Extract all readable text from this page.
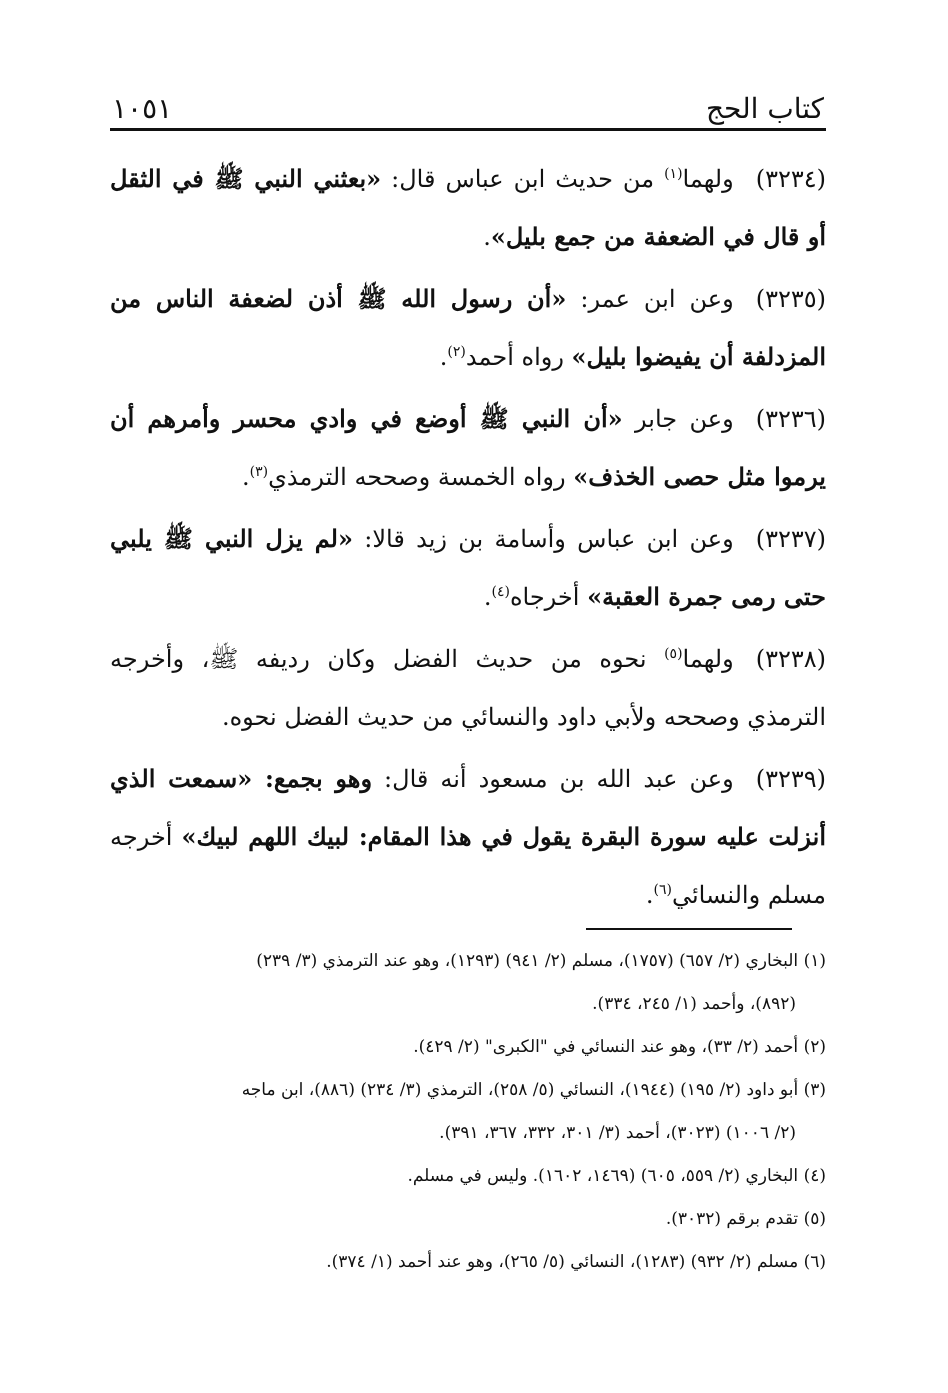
كتاب الحج
١٠٥١

(٣٢٣٤)ولهما$^{(١)}$ من حديث ابن عباس قال: «بعثني النبي ﷺ في الثقل أو قال في الضعفة من جمع بليل».

(٣٢٣٥)وعن ابن عمر: «أن رسول الله ﷺ أذن لضعفة الناس من المزدلفة أن يفيضوا بليل» رواه أحمد$^{(٢)}$.

(٣٢٣٦)وعن جابر «أن النبي ﷺ أوضع في وادي محسر وأمرهم أن يرموا مثل حصى الخذف» رواه الخمسة وصححه الترمذي$^{(٣)}$.

(٣٢٣٧)وعن ابن عباس وأسامة بن زيد قالا: «لم يزل النبي ﷺ يلبي حتى رمى جمرة العقبة» أخرجاه$^{(٤)}$.

(٣٢٣٨)ولهما$^{(٥)}$ نحوه من حديث الفضل وكان رديفه ﷺ، وأخرجه الترمذي وصححه ولأبي داود والنسائي من حديث الفضل نحوه.

(٣٢٣٩)وعن عبد الله بن مسعود أنه قال: وهو بجمع: «سمعت الذي أنزلت عليه سورة البقرة يقول في هذا المقام: لبيك اللهم لبيك» أخرجه مسلم والنسائي$^{(٦)}$.

(١) البخاري (٢/ ٦٥٧) (١٧٥٧)، مسلم (٢/ ٩٤١) (١٢٩٣)، وهو عند الترمذي (٣/ ٢٣٩)
(٨٩٢)، وأحمد (١/ ٢٤٥، ٣٣٤).

(٢) أحمد (٢/ ٣٣)، وهو عند النسائي في "الكبرى" (٢/ ٤٢٩).

(٣) أبو داود (٢/ ١٩٥) (١٩٤٤)، النسائي (٥/ ٢٥٨)، الترمذي (٣/ ٢٣٤) (٨٨٦)، ابن ماجه
(٢/ ١٠٠٦) (٣٠٢٣)، أحمد (٣/ ٣٠١، ٣٣٢، ٣٦٧، ٣٩١).

(٤) البخاري (٢/ ٥٥٩، ٦٠٥) (١٤٦٩، ١٦٠٢). وليس في مسلم.

(٥) تقدم برقم (٣٠٣٢).

(٦) مسلم (٢/ ٩٣٢) (١٢٨٣)، النسائي (٥/ ٢٦٥)، وهو عند أحمد (١/ ٣٧٤).
